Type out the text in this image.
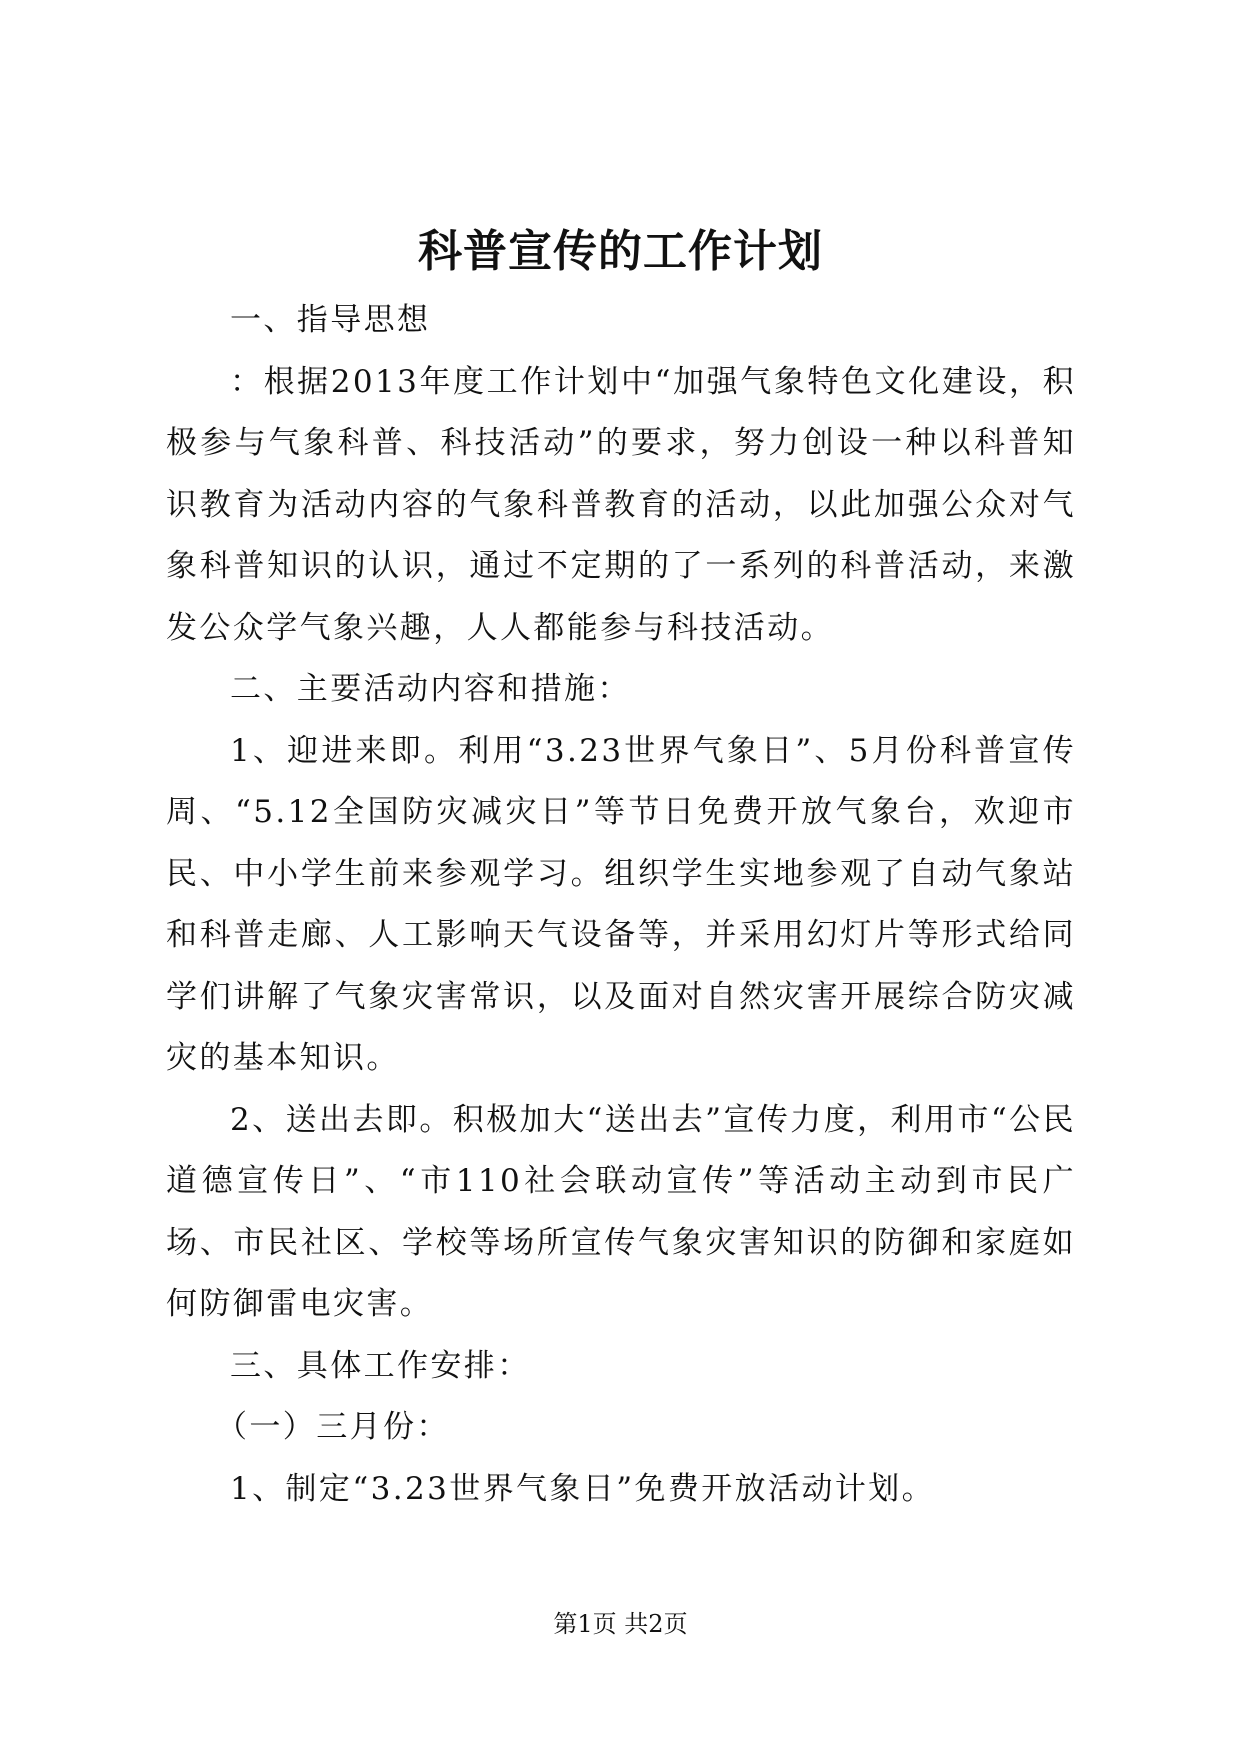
科普宣传的工作计划

一、指导思想

：根据2013年度工作计划中“加强气象特色文化建设，积极参与气象科普、科技活动”的要求，努力创设一种以科普知识教育为活动内容的气象科普教育的活动，以此加强公众对气象科普知识的认识，通过不定期的了一系列的科普活动，来激发公众学气象兴趣，人人都能参与科技活动。

二、主要活动内容和措施：

1、迎进来即。利用“3.23世界气象日”、5月份科普宣传周、“5.12全国防灾减灾日”等节日免费开放气象台，欢迎市民、中小学生前来参观学习。组织学生实地参观了自动气象站和科普走廊、人工影响天气设备等，并采用幻灯片等形式给同学们讲解了气象灾害常识，以及面对自然灾害开展综合防灾减灾的基本知识。

2、送出去即。积极加大“送出去”宣传力度，利用市“公民道德宣传日”、“市110社会联动宣传”等活动主动到市民广场、市民社区、学校等场所宣传气象灾害知识的防御和家庭如何防御雷电灾害。

三、具体工作安排：

（一）三月份：

1、制定“3.23世界气象日”免费开放活动计划。

第1页 共2页
